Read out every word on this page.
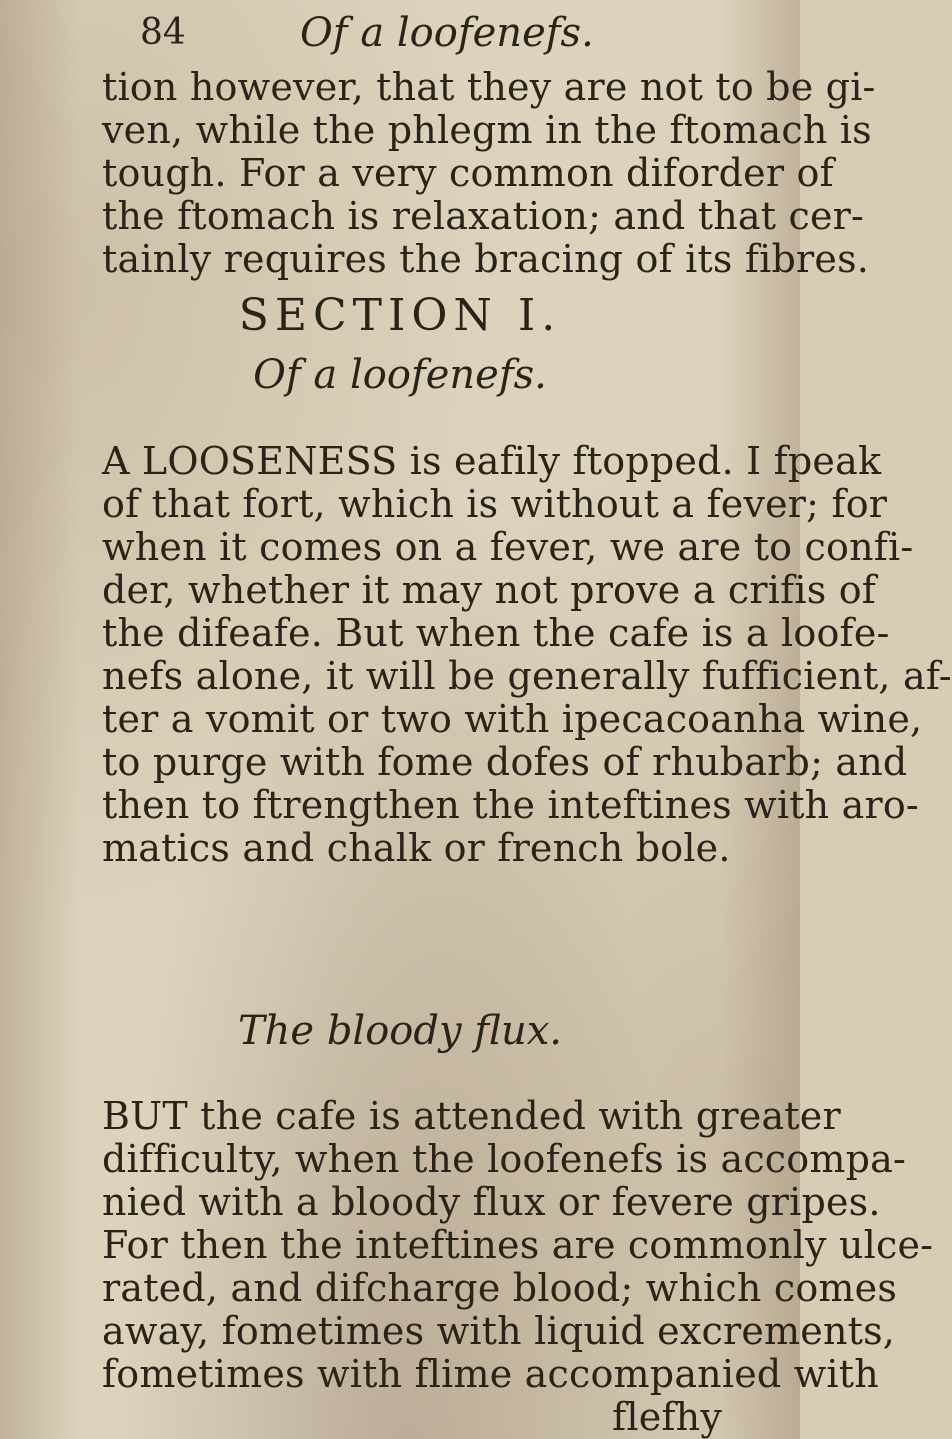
84	Of a loofenefs.
tion however, that they are not to be gi-
ven, while the phlegm in the ftomach is
tough. For a very common diforder of
the ftomach is relaxation; and that cer-
tainly requires the bracing of its fibres.
SECTION I.
Of a loofenefs.
A LOOSENESS is eafily ftopped. I fpeak
of that fort, which is without a fever; for
when it comes on a fever, we are to confi-
der, whether it may not prove a crifis of
the difeafe. But when the cafe is a loofe-
nefs alone, it will be generally fufficient, af-
ter a vomit or two with ipecacoanha wine,
to purge with fome dofes of rhubarb; and
then to ftrengthen the inteftines with aro-
matics and chalk or french bole.
The bloody flux.
BUT the cafe is attended with greater
difficulty, when the loofenefs is accompa-
nied with a bloody flux or fevere gripes.
For then the inteftines are commonly ulce-
rated, and difcharge blood; which comes
away, fometimes with liquid excrements,
fometimes with flime accompanied with
flefhy
